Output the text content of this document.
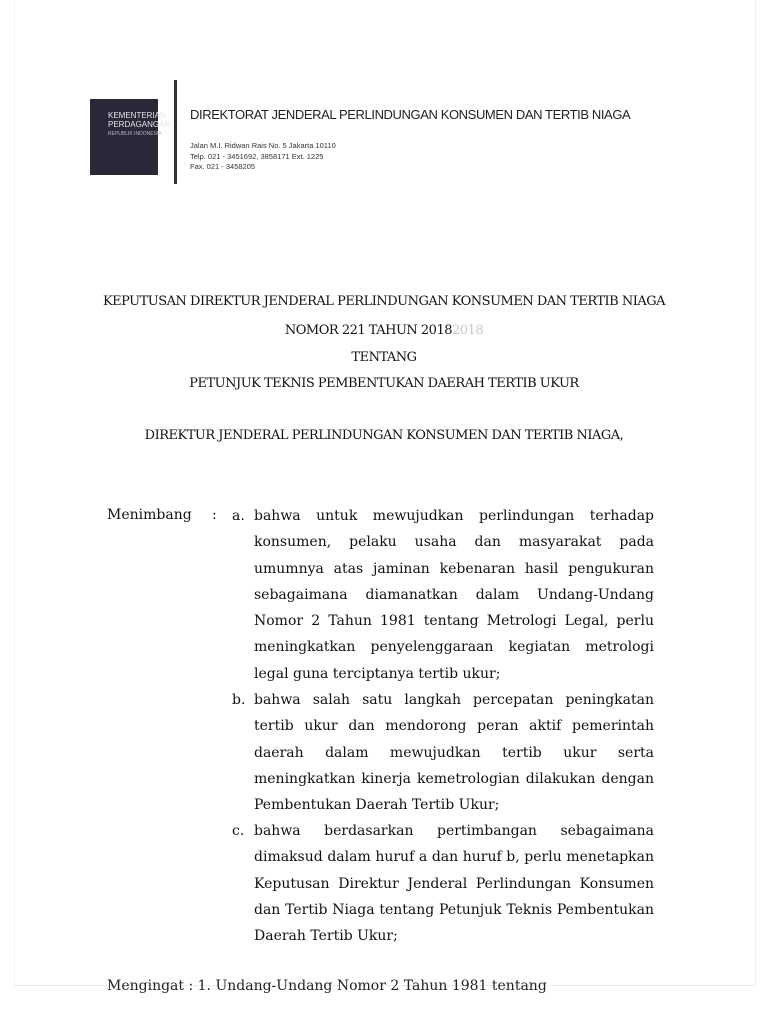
KEMENTERIAN
PERDAGANGAN
REPUBLIK INDONESIA
DIREKTORAT JENDERAL PERLINDUNGAN KONSUMEN DAN TERTIB NIAGA
Jalan M.I. Ridwan Rais No. 5 Jakarta 10110
Telp. 021 - 3451692, 3858171 Ext. 1225
Fax. 021 - 3458205
KEPUTUSAN DIREKTUR JENDERAL PERLINDUNGAN KONSUMEN DAN TERTIB NIAGA
NOMOR 221 TAHUN 20182018
TENTANG
PETUNJUK TEKNIS PEMBENTUKAN DAERAH TERTIB UKUR
DIREKTUR JENDERAL PERLINDUNGAN KONSUMEN DAN TERTIB NIAGA,
Menimbang : a. bahwa untuk mewujudkan perlindungan terhadap konsumen, pelaku usaha dan masyarakat pada umumnya atas jaminan kebenaran hasil pengukuran sebagaimana diamanatkan dalam Undang-Undang Nomor 2 Tahun 1981 tentang Metrologi Legal, perlu meningkatkan penyelenggaraan kegiatan metrologi legal guna terciptanya tertib ukur;
b. bahwa salah satu langkah percepatan peningkatan tertib ukur dan mendorong peran aktif pemerintah daerah dalam mewujudkan tertib ukur serta meningkatkan kinerja kemetrologian dilakukan dengan Pembentukan Daerah Tertib Ukur;
c. bahwa berdasarkan pertimbangan sebagaimana dimaksud dalam huruf a dan huruf b, perlu menetapkan Keputusan Direktur Jenderal Perlindungan Konsumen dan Tertib Niaga tentang Petunjuk Teknis Pembentukan Daerah Tertib Ukur;
Mengingat : 1. Undang-Undang Nomor 2 Tahun 1981 tentang
